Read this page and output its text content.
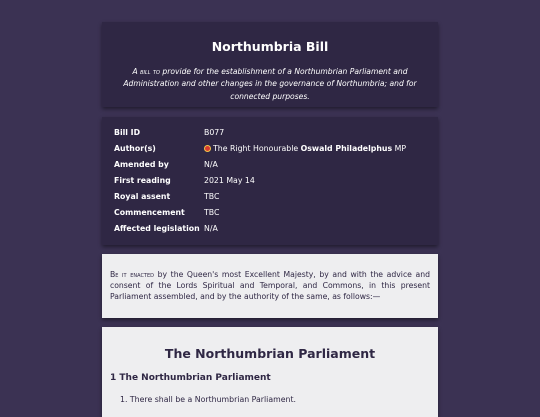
Northumbria Bill
A bill to provide for the establishment of a Northumbrian Parliament and Administration and other changes in the governance of Northumbria; and for connected purposes.
Bill ID	B077
Author(s)	The Right Honourable Oswald Philadelphus MP
Amended by	N/A
First reading	2021 May 14
Royal assent	TBC
Commencement TBC
Affected legislation N/A
Be it enacted by the Queen's most Excellent Majesty, by and with the advice and consent of the Lords Spiritual and Temporal, and Commons, in this present Parliament assembled, and by the authority of the same, as follows:—
The Northumbrian Parliament
1 The Northumbrian Parliament
1. There shall be a Northumbrian Parliament.
